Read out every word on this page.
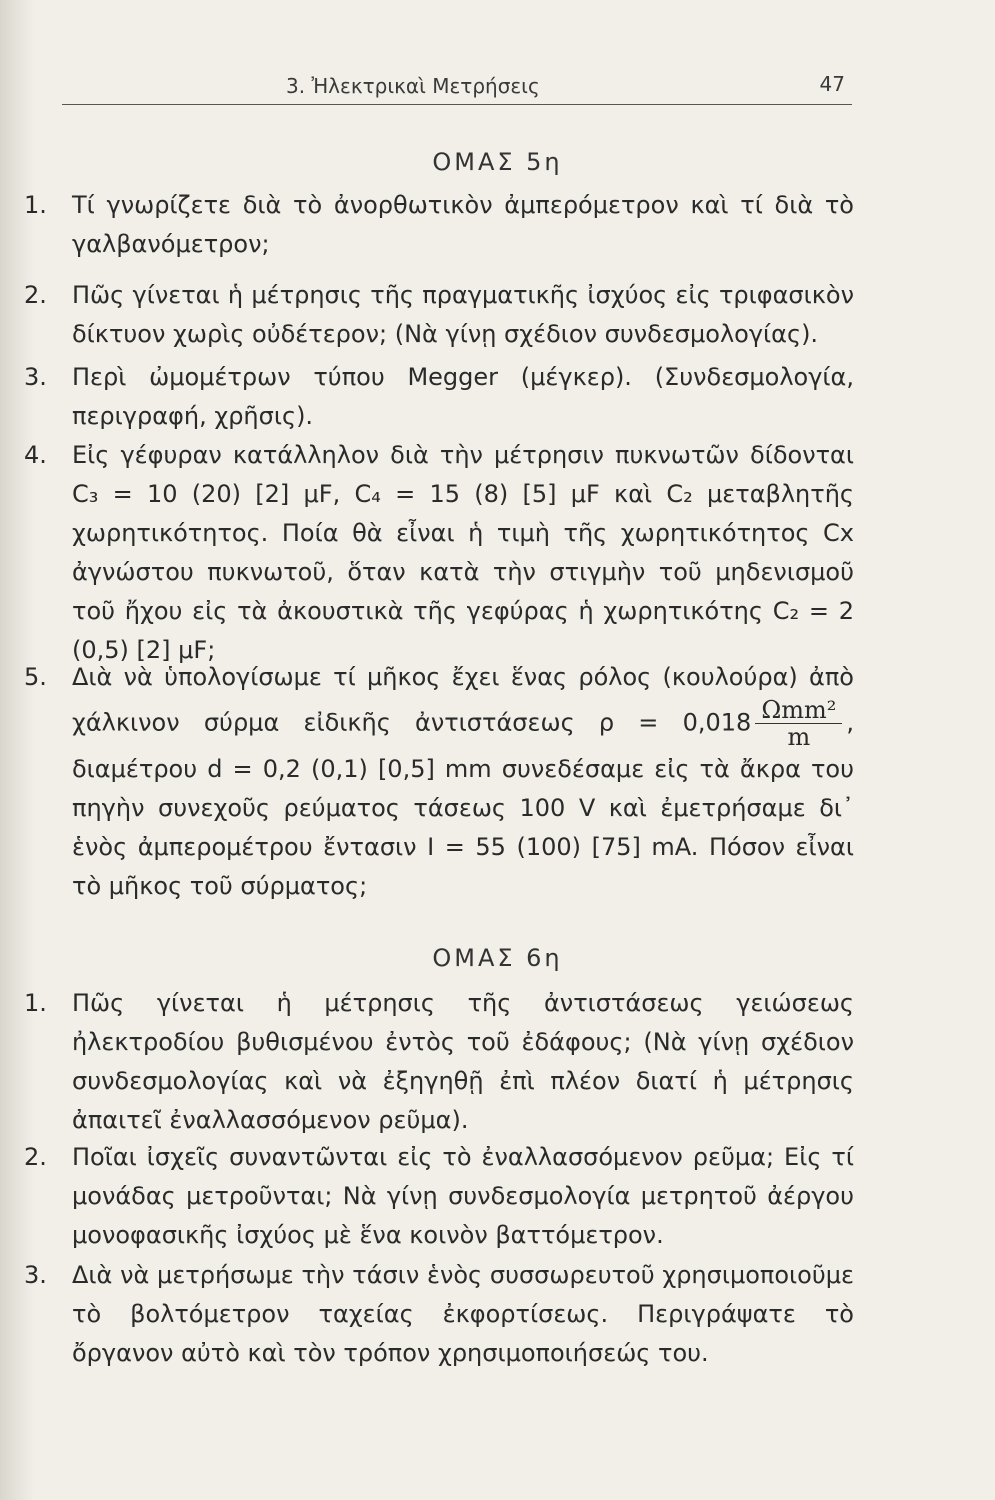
3. Ἠλεκτρικαὶ Μετρήσεις	47
ΟΜΑΣ 5η
1.	Τί γνωρίζετε διὰ τὸ ἀνορθωτικὸν ἀμπερόμετρον καὶ τί διὰ τὸ γαλβανόμετρον;
2.	Πῶς γίνεται ἡ μέτρησις τῆς πραγματικῆς ἰσχύος εἰς τριφασικὸν δίκτυον χωρὶς οὐδέτερον; (Νὰ γίνῃ σχέδιον συνδεσμολογίας).
3.	Περὶ ὠμομέτρων τύπου Megger (μέγκερ). (Συνδεσμολογία, περιγραφή, χρῆσις).
4.	Εἰς γέφυραν κατάλληλον διὰ τὴν μέτρησιν πυκνωτῶν δίδονται C₃ = 10 (20) [2] μF, C₄ = 15 (8) [5] μF καὶ C₂ μεταβλητῆς χωρητικότητος. Ποία θὰ εἶναι ἡ τιμὴ τῆς χωρητικότητος Cx ἀγνώστου πυκνωτοῦ, ὅταν κατὰ τὴν στιγμὴν τοῦ μηδενισμοῦ τοῦ ἤχου εἰς τὰ ἀκουστικὰ τῆς γεφύρας ἡ χωρητικότης C₂ = 2 (0,5) [2] μF;
5.	Διὰ νὰ ὑπολογίσωμε τί μῆκος ἔχει ἕνας ρόλος (κουλούρα) ἀπὸ χάλκινον σύρμα εἰδικῆς ἀντιστάσεως $\rho = 0,018 \frac{\text{Ωmm²}}{m}$ , διαμέτρου d = 0,2 (0,1) [0,5] mm συνεδέσαμε εἰς τὰ ἄκρα του πηγὴν συνεχοῦς ρεύματος τάσεως 100 V καὶ ἐμετρήσαμε δι᾽ ἑνὸς ἀμπερομέτρου ἔντασιν I = 55 (100) [75] mA. Πόσον εἶναι τὸ μῆκος τοῦ σύρματος;
ΟΜΑΣ 6η
1.	Πῶς γίνεται ἡ μέτρησις τῆς ἀντιστάσεως γειώσεως ἠλεκτροδίου βυθισμένου ἐντὸς τοῦ ἐδάφους; (Νὰ γίνῃ σχέδιον συνδεσμολογίας καὶ νὰ ἐξηγηθῇ ἐπὶ πλέον διατί ἡ μέτρησις ἀπαιτεῖ ἐναλλασσόμενον ρεῦμα).
2.	Ποῖαι ἰσχεῖς συναντῶνται εἰς τὸ ἐναλλασσόμενον ρεῦμα; Εἰς τί μονάδας μετροῦνται; Νὰ γίνῃ συνδεσμολογία μετρητοῦ ἀέργου μονοφασικῆς ἰσχύος μὲ ἕνα κοινὸν βαττόμετρον.
3.	Διὰ νὰ μετρήσωμε τὴν τάσιν ἑνὸς συσσωρευτοῦ χρησιμοποιοῦμε τὸ βολτόμετρον ταχείας ἐκφορτίσεως. Περιγράψατε τὸ ὄργανον αὐτὸ καὶ τὸν τρόπον χρησιμοποιήσεώς του.
